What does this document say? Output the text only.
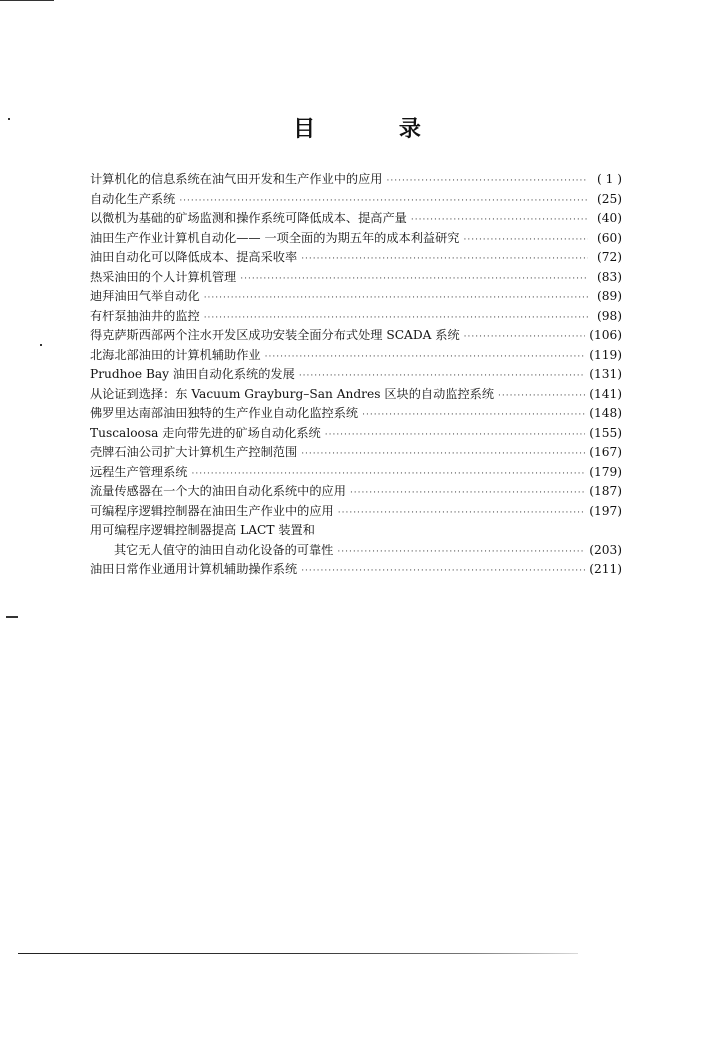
目 录
计算机化的信息系统在油气田开发和生产作业中的应用 ·····	( 1 )
自动化生产系统 ·····	(25)
以微机为基础的矿场监测和操作系统可降低成本、提高产量 ·····	(40)
油田生产作业计算机自动化—— 一项全面的为期五年的成本利益研究 ·····	(60)
油田自动化可以降低成本、提高采收率 ·····	(72)
热采油田的个人计算机管理 ·····	(83)
迪拜油田气举自动化 ·····	(89)
有杆泵抽油井的监控 ·····	(98)
得克萨斯西部两个注水开发区成功安装全面分布式处理 SCADA 系统 ·····	(106)
北海北部油田的计算机辅助作业 ·····	(119)
Prudhoe Bay 油田自动化系统的发展 ·····	(131)
从论证到选择：东 Vacuum Grayburg–San Andres 区块的自动监控系统 ·····	(141)
佛罗里达南部油田独特的生产作业自动化监控系统 ·····	(148)
Tuscaloosa 走向带先进的矿场自动化系统 ·····	(155)
壳牌石油公司扩大计算机生产控制范围 ·····	(167)
远程生产管理系统 ·····	(179)
流量传感器在一个大的油田自动化系统中的应用 ·····	(187)
可编程序逻辑控制器在油田生产作业中的应用 ·····	(197)
用可编程序逻辑控制器提高 LACT 装置和
其它无人值守的油田自动化设备的可靠性 ·····	(203)
油田日常作业通用计算机辅助操作系统 ·····	(211)
